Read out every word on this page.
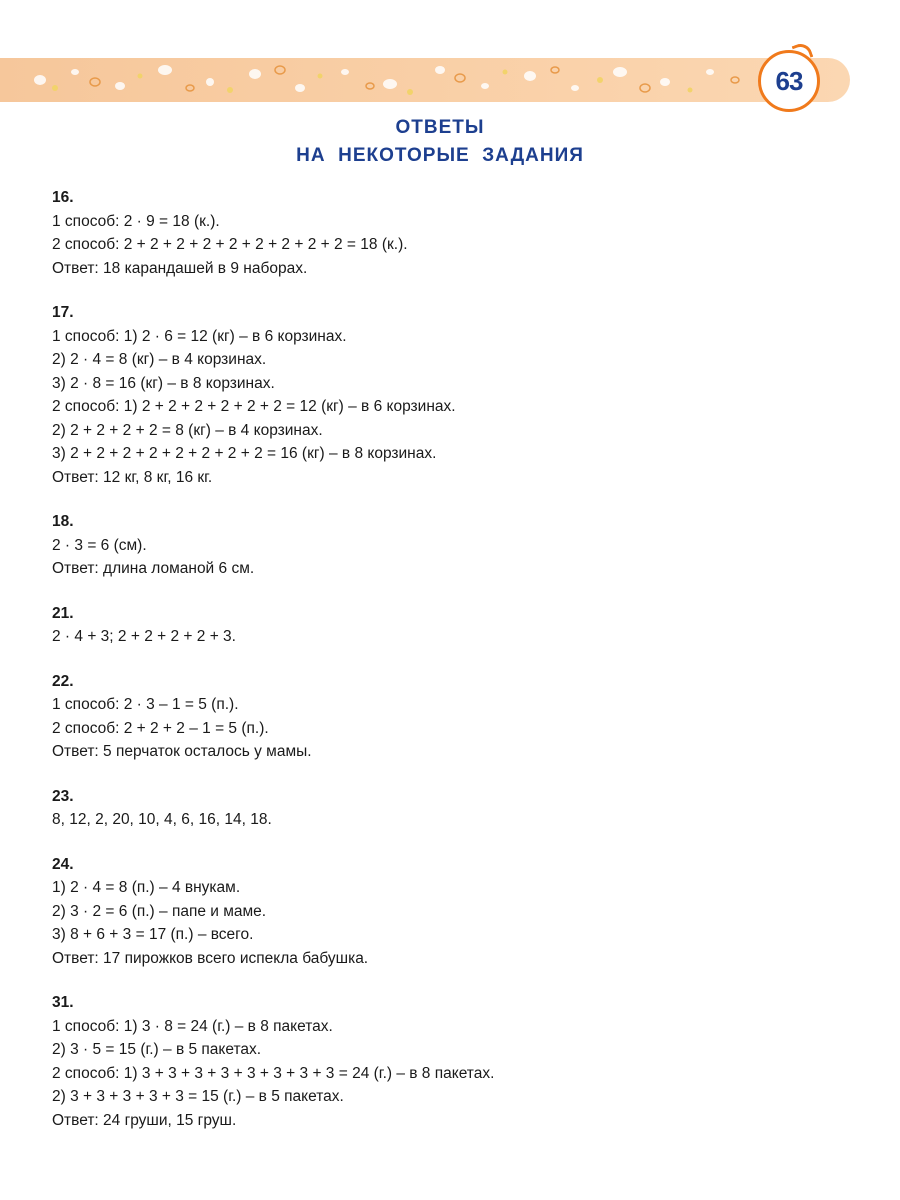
63
ОТВЕТЫ
НА  НЕКОТОРЫЕ  ЗАДАНИЯ
16.
1 способ: 2 · 9 = 18 (к.).
2 способ: 2 + 2 + 2 + 2 + 2 + 2 + 2 + 2 + 2 = 18 (к.).
Ответ: 18 карандашей в 9 наборах.
17.
1 способ: 1) 2 · 6 = 12 (кг) – в 6 корзинах.
2) 2 · 4 = 8 (кг) – в 4 корзинах.
3) 2 · 8 = 16 (кг) – в 8 корзинах.
2 способ: 1) 2 + 2 + 2 + 2 + 2 + 2 = 12 (кг) – в 6 корзинах.
2) 2 + 2 + 2 + 2 = 8 (кг) – в 4 корзинах.
3) 2 + 2 + 2 + 2 + 2 + 2 + 2 + 2 = 16 (кг) – в 8 корзинах.
Ответ: 12 кг, 8 кг, 16 кг.
18.
2 · 3 = 6 (см).
Ответ: длина ломаной 6 см.
21.
2 · 4 + 3; 2 + 2 + 2 + 2 + 3.
22.
1 способ: 2 · 3 – 1 = 5 (п.).
2 способ: 2 + 2 + 2 – 1 = 5 (п.).
Ответ: 5 перчаток осталось у мамы.
23.
8, 12, 2, 20, 10, 4, 6, 16, 14, 18.
24.
1) 2 · 4 = 8 (п.) – 4 внукам.
2) 3 · 2 = 6 (п.) – папе и маме.
3) 8 + 6 + 3 = 17 (п.) – всего.
Ответ: 17 пирожков всего испекла бабушка.
31.
1 способ: 1) 3 · 8 = 24 (г.) – в 8 пакетах.
2) 3 · 5 = 15 (г.) – в 5 пакетах.
2 способ: 1) 3 + 3 + 3 + 3 + 3 + 3 + 3 + 3 = 24 (г.) – в 8 пакетах.
2) 3 + 3 + 3 + 3 + 3 = 15 (г.) – в 5 пакетах.
Ответ: 24 груши, 15 груш.
